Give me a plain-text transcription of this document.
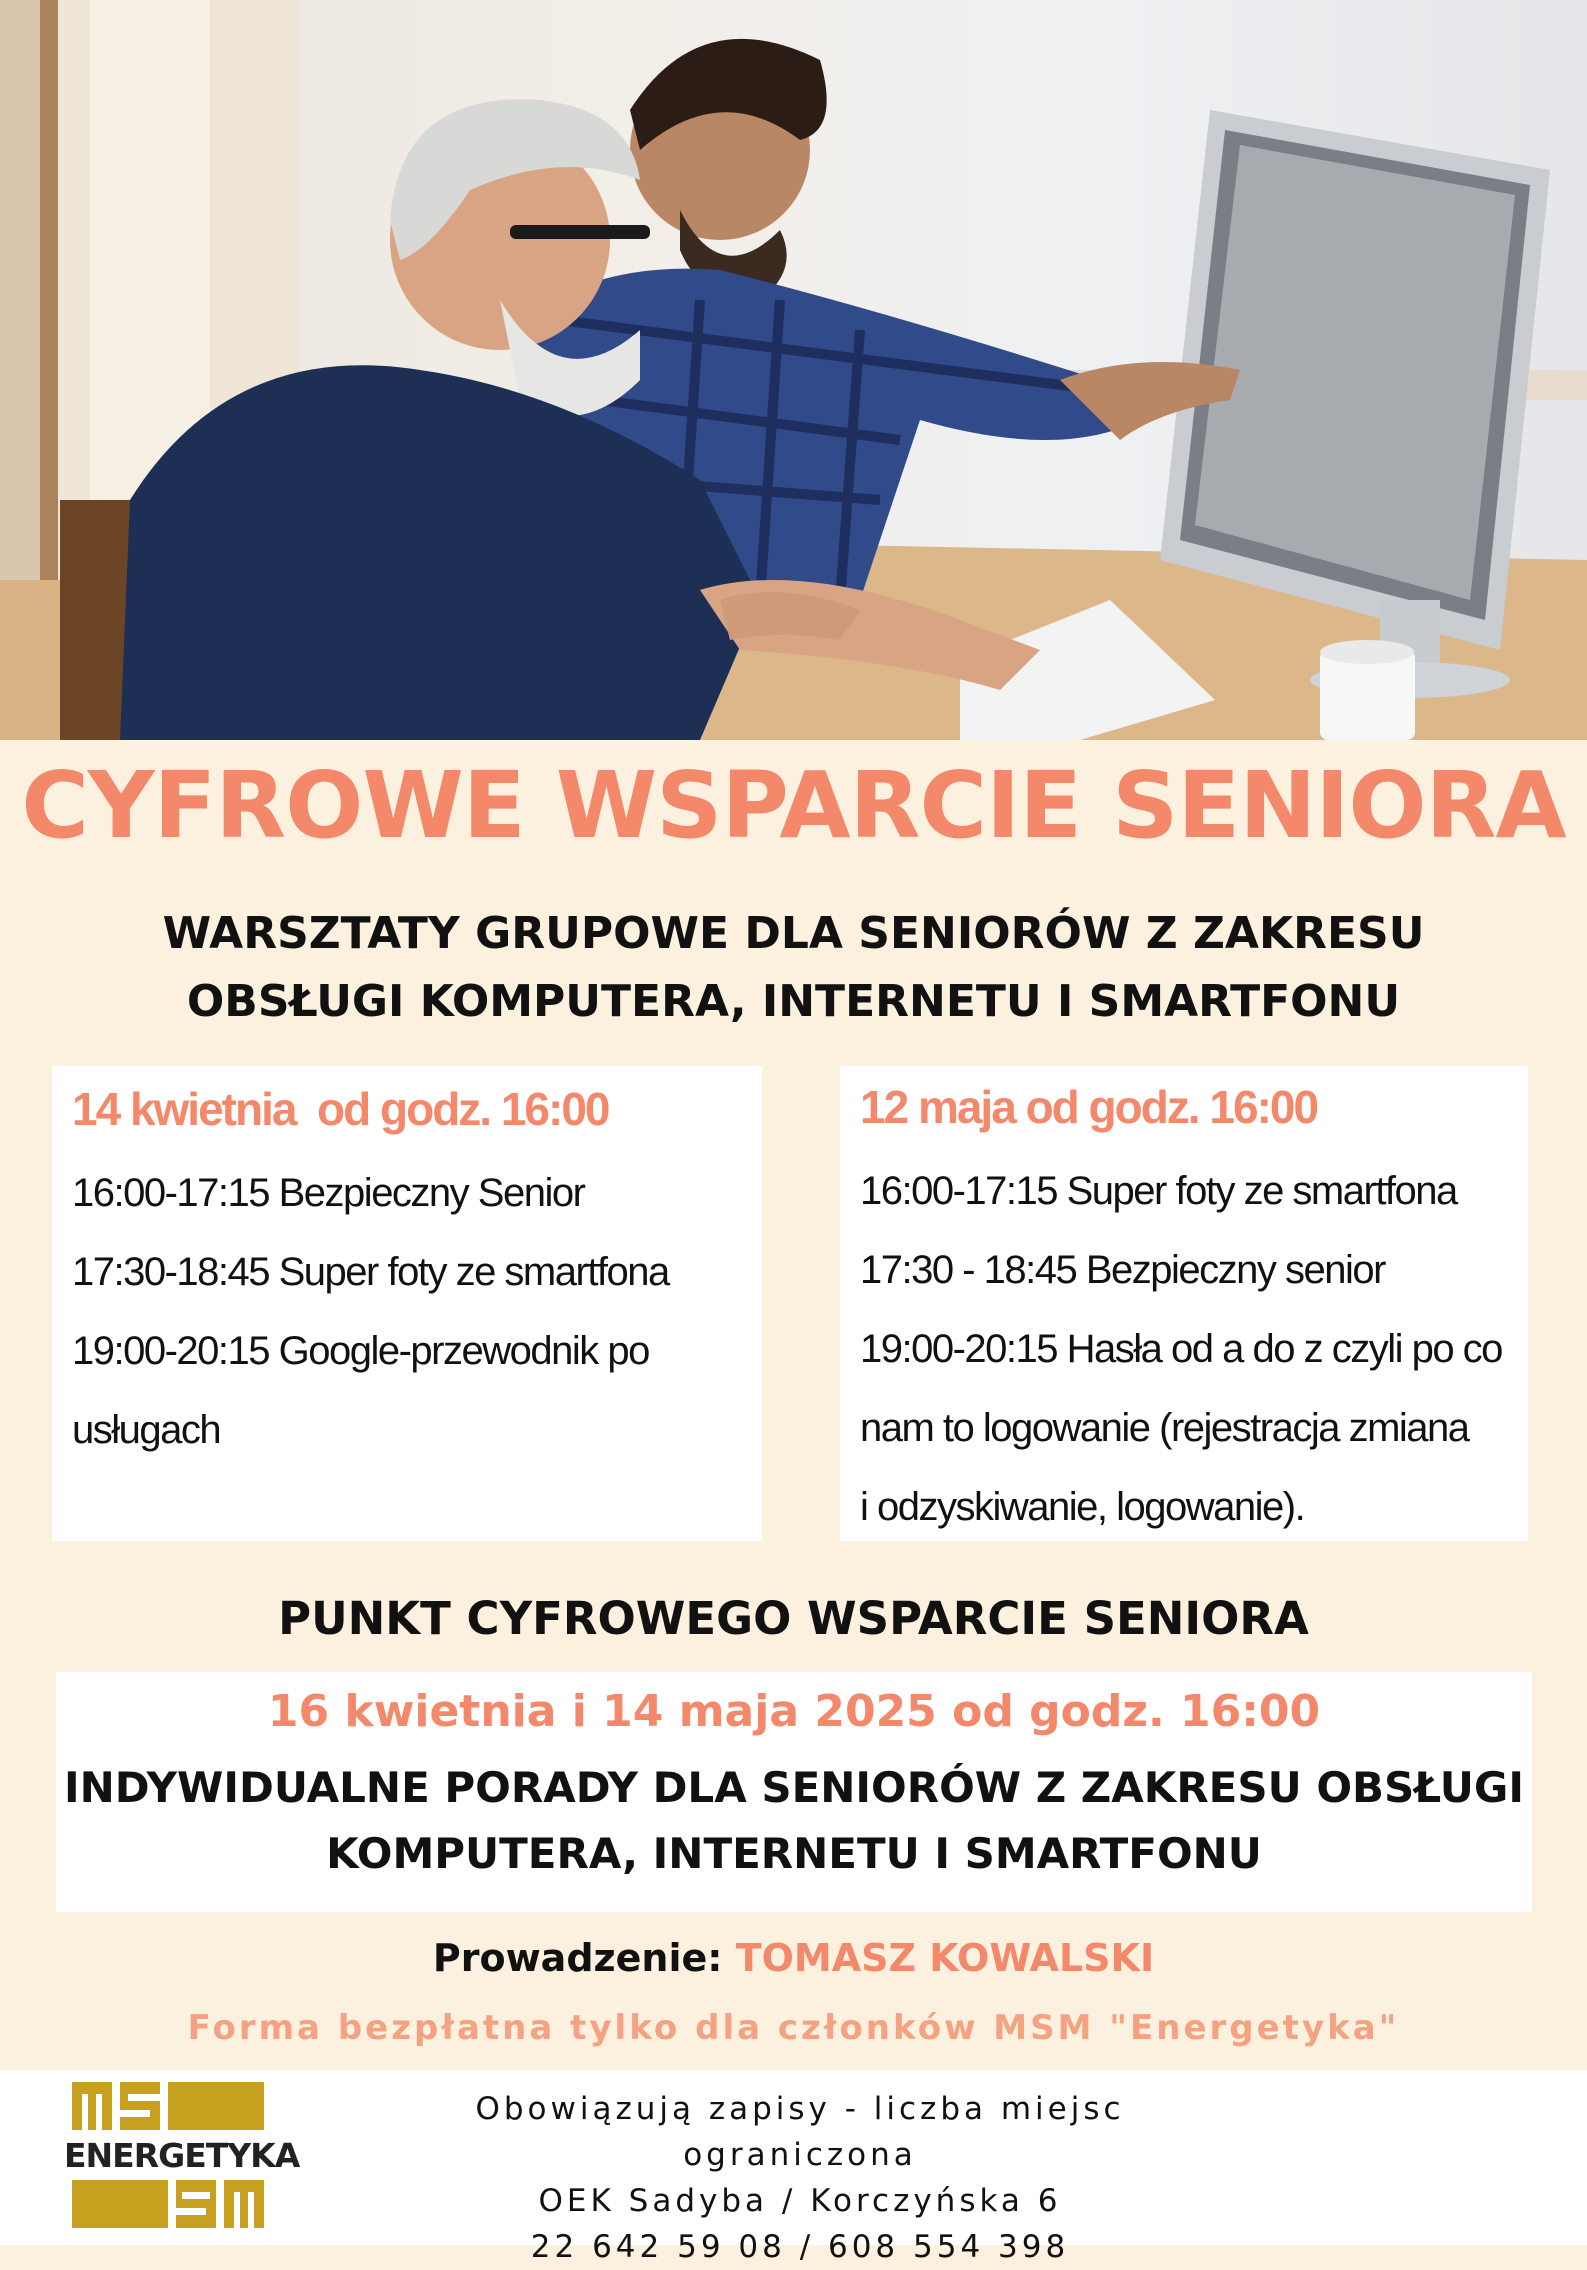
CYFROWE WSPARCIE SENIORA
WARSZTATY GRUPOWE DLA SENIORÓW Z ZAKRESU
OBSŁUGI KOMPUTERA, INTERNETU I SMARTFONU
14 kwietnia  od godz. 16:00
16:00-17:15 Bezpieczny Senior
17:30-18:45 Super foty ze smartfona
19:00-20:15 Google-przewodnik po
usługach
12 maja od godz. 16:00
16:00-17:15 Super foty ze smartfona
17:30 - 18:45 Bezpieczny senior
19:00-20:15 Hasła od a do z czyli po co
nam to logowanie (rejestracja zmiana
i odzyskiwanie, logowanie).
PUNKT CYFROWEGO WSPARCIE SENIORA
16 kwietnia i 14 maja 2025 od godz. 16:00
INDYWIDUALNE PORADY DLA SENIORÓW Z ZAKRESU OBSŁUGI
KOMPUTERA, INTERNETU I SMARTFONU
Prowadzenie: TOMASZ KOWALSKI
Forma bezpłatna tylko dla członków MSM "Energetyka"
ENERGETYKA
Obowiązują zapisy - liczba miejsc ograniczona
OEK Sadyba / Korczyńska 6
22 642 59 08 / 608 554 398
